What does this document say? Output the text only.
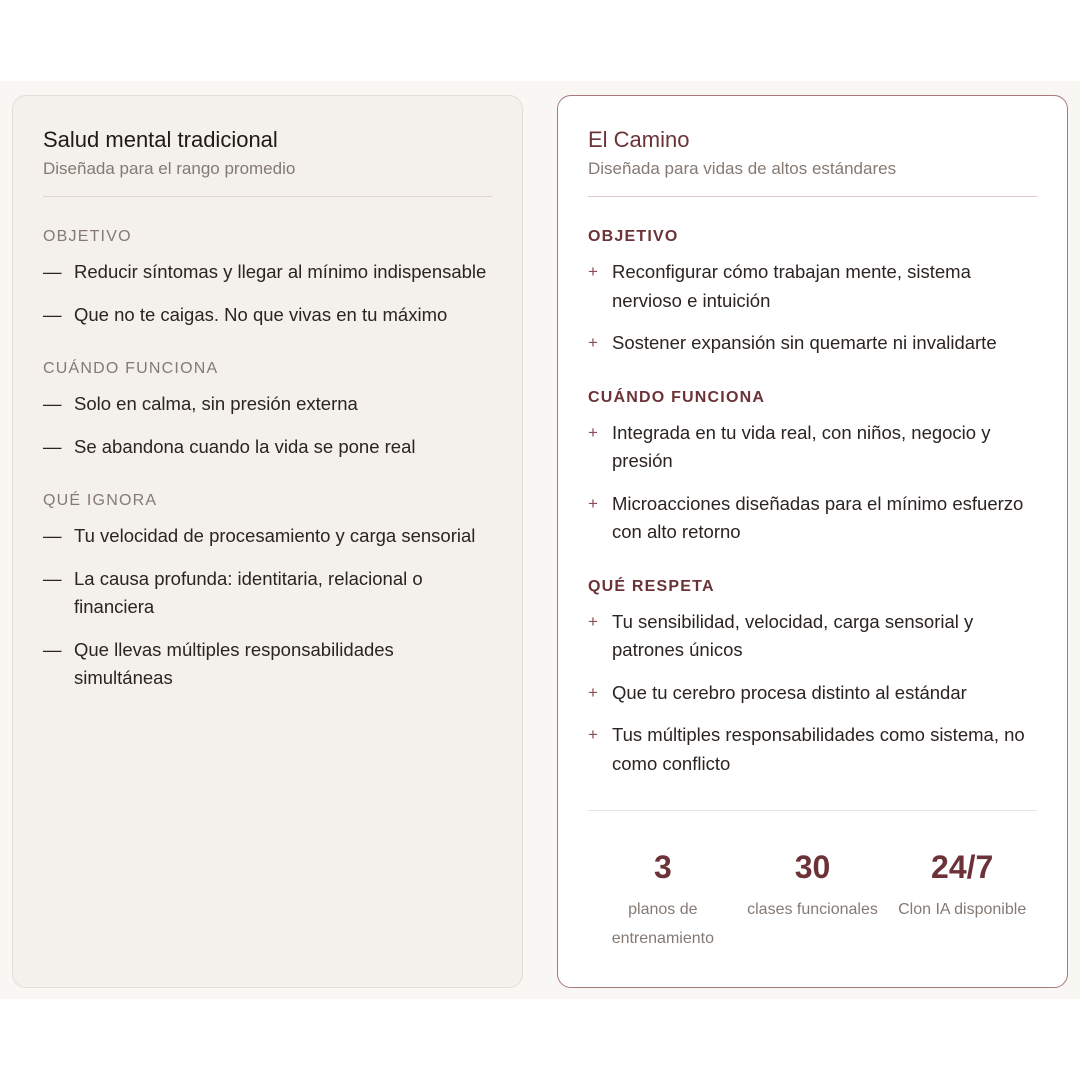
Salud mental tradicional
Diseñada para el rango promedio
OBJETIVO
— Reducir síntomas y llegar al mínimo indispensable
— Que no te caigas. No que vivas en tu máximo
CUÁNDO FUNCIONA
— Solo en calma, sin presión externa
— Se abandona cuando la vida se pone real
QUÉ IGNORA
— Tu velocidad de procesamiento y carga sensorial
— La causa profunda: identitaria, relacional o financiera
— Que llevas múltiples responsabilidades simultáneas
El Camino
Diseñada para vidas de altos estándares
OBJETIVO
+ Reconfigurar cómo trabajan mente, sistema nervioso e intuición
+ Sostener expansión sin quemarte ni invalidarte
CUÁNDO FUNCIONA
+ Integrada en tu vida real, con niños, negocio y presión
+ Microacciones diseñadas para el mínimo esfuerzo con alto retorno
QUÉ RESPETA
+ Tu sensibilidad, velocidad, carga sensorial y patrones únicos
+ Que tu cerebro procesa distinto al estándar
+ Tus múltiples responsabilidades como sistema, no como conflicto
3
planos de entrenamiento
30
clases funcionales
24/7
Clon IA disponible
